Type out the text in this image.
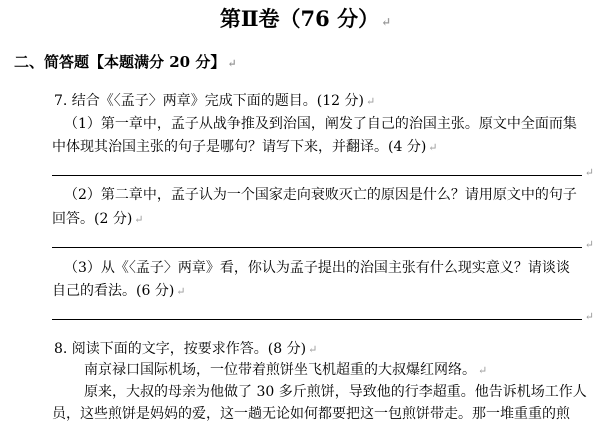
第Ⅱ卷（76 分） ↵
二、简答题【本题满分 20 分】 ↵
7. 结合《〈孟子〉两章》完成下面的题目。(12 分) ↵
（1）第一章中，孟子从战争推及到治国，阐发了自己的治国主张。原文中全面而集
中体现其治国主张的句子是哪句？请写下来，并翻译。(4 分) ↵
↵
（2）第二章中，孟子认为一个国家走向衰败灭亡的原因是什么？请用原文中的句子
回答。(2 分) ↵
↵
（3）从《〈孟子〉两章》看，你认为孟子提出的治国主张有什么现实意义？请谈谈
自己的看法。(6 分) ↵
↵
8. 阅读下面的文字，按要求作答。(8 分) ↵
南京禄口国际机场，一位带着煎饼坐飞机超重的大叔爆红网络。 ↵
原来，大叔的母亲为他做了 30 多斤煎饼，导致他的行李超重。他告诉机场工作人
员，这些煎饼是妈妈的爱，这一趟无论如何都要把这一包煎饼带走。那一堆重重的煎
